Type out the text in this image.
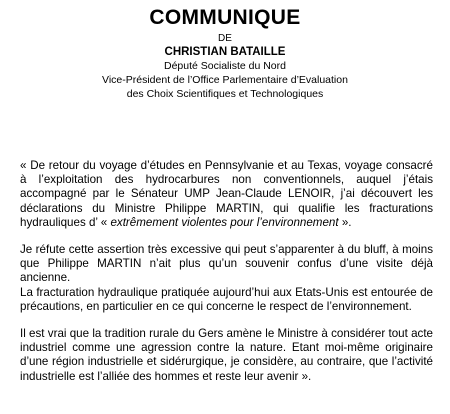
COMMUNIQUE
DE
CHRISTIAN BATAILLE
Député Socialiste du Nord
Vice-Président de l’Office Parlementaire d’Evaluation
des Choix Scientifiques et Technologiques

« De retour du voyage d’études en Pennsylvanie et au Texas, voyage consacré à l’exploitation des hydrocarbures non conventionnels, auquel j’étais accompagné par le Sénateur UMP Jean-Claude LENOIR, j’ai découvert les déclarations du Ministre Philippe MARTIN, qui qualifie les fracturations hydrauliques d’ « extrêmement violentes pour l’environnement ».

Je réfute cette assertion très excessive qui peut s’apparenter à du bluff, à moins que Philippe MARTIN n’ait plus qu’un souvenir confus d’une visite déjà ancienne.

La fracturation hydraulique pratiquée aujourd’hui aux Etats-Unis est entourée de précautions, en particulier en ce qui concerne le respect de l’environnement.

Il est vrai que la tradition rurale du Gers amène le Ministre à considérer tout acte industriel comme une agression contre la nature. Etant moi-même originaire d’une région industrielle et sidérurgique, je considère, au contraire, que l’activité industrielle est l’alliée des hommes et reste leur avenir ».
